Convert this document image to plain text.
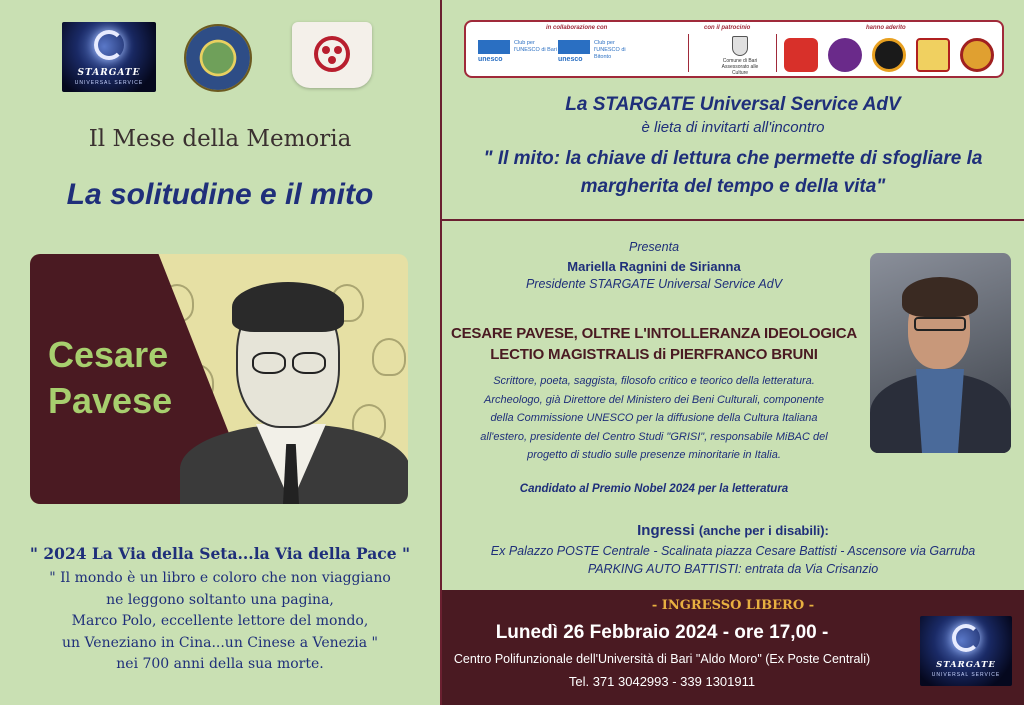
STARGATE
UNIVERSAL SERVICE
Il Mese della Memoria
La solitudine e il mito
Cesare
Pavese
" 2024 La Via della Seta...la Via della Pace "
" Il mondo è un libro e coloro che non viaggiano
ne leggono soltanto una pagina,
Marco Polo, eccellente lettore del mondo,
un Veneziano in Cina...un Cinese a Venezia "
nei 700 anni della sua morte.
in collaborazione con	con il patrocinio	hanno aderito
unesco
Club per l'UNESCO di Bari
unesco
Club per l'UNESCO di Bitonto
Comune di Bari Assessorato alle Culture
La STARGATE Universal Service AdV
è lieta di invitarti all'incontro
" Il mito: la chiave di lettura che permette di sfogliare la
margherita del tempo e della vita"
Presenta
Mariella Ragnini de Sirianna
Presidente STARGATE Universal Service AdV
CESARE PAVESE, OLTRE L'INTOLLERANZA IDEOLOGICA
LECTIO MAGISTRALIS di PIERFRANCO BRUNI
Scrittore, poeta, saggista, filosofo critico e teorico della letteratura.
Archeologo, già Direttore del Ministero dei Beni Culturali, componente
della Commissione UNESCO per la diffusione della Cultura Italiana
all'estero, presidente del Centro Studi "GRISI", responsabile MiBAC del
progetto di studio sulle presenze minoritarie in Italia.
Candidato al Premio Nobel 2024 per la letteratura
Ingressi (anche per i disabili):
Ex Palazzo POSTE Centrale - Scalinata piazza Cesare Battisti - Ascensore via Garruba
PARKING AUTO BATTISTI: entrata da Via Crisanzio
- INGRESSO LIBERO -
Lunedì 26 Febbraio 2024 - ore 17,00 -
Centro Polifunzionale dell'Università di Bari "Aldo Moro" (Ex Poste Centrali)
Tel. 371 3042993 - 339 1301911
STARGATE
UNIVERSAL SERVICE
